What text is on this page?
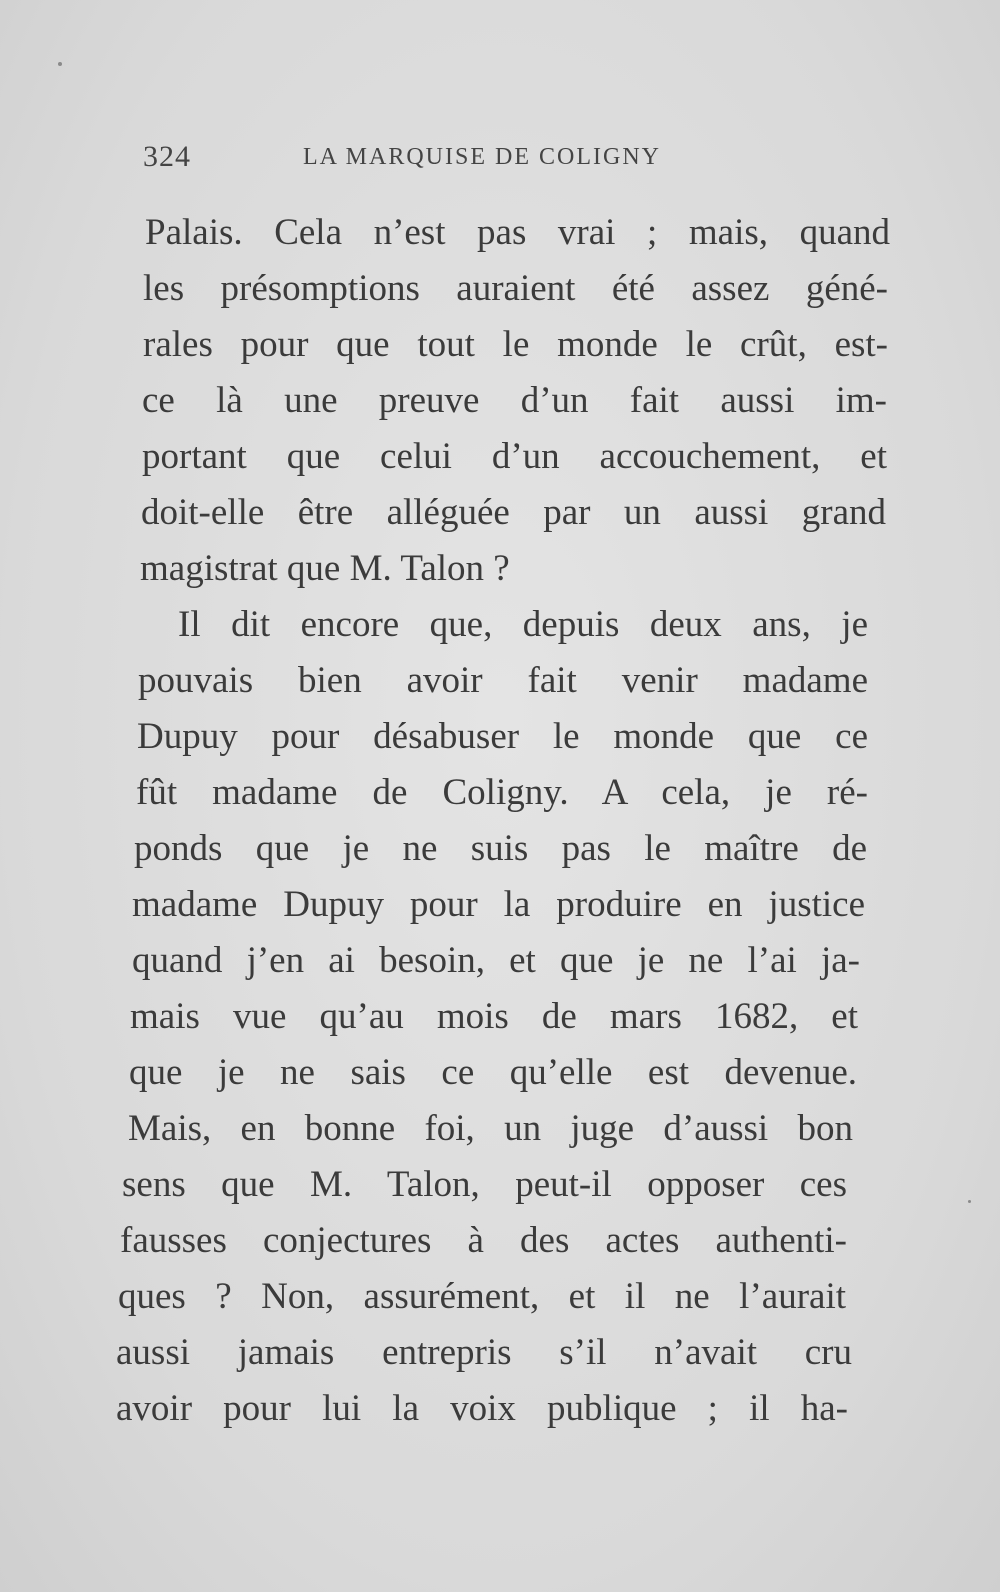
324	LA MARQUISE DE COLIGNY
Palais. Cela n’est pas vrai ; mais, quand
les présomptions auraient été assez géné-
rales pour que tout le monde le crût, est-
ce là une preuve d’un fait aussi im-
portant que celui d’un accouchement, et
doit-elle être alléguée par un aussi grand
magistrat que M. Talon ?
Il dit encore que, depuis deux ans, je
pouvais bien avoir fait venir madame
Dupuy pour désabuser le monde que ce
fût madame de Coligny. A cela, je ré-
ponds que je ne suis pas le maître de
madame Dupuy pour la produire en justice
quand j’en ai besoin, et que je ne l’ai ja-
mais vue qu’au mois de mars 1682, et
que je ne sais ce qu’elle est devenue.
Mais, en bonne foi, un juge d’aussi bon
sens que M. Talon, peut-il opposer ces
fausses conjectures à des actes authenti-
ques ? Non, assurément, et il ne l’aurait
aussi jamais entrepris s’il n’avait cru
avoir pour lui la voix publique ; il ha-
